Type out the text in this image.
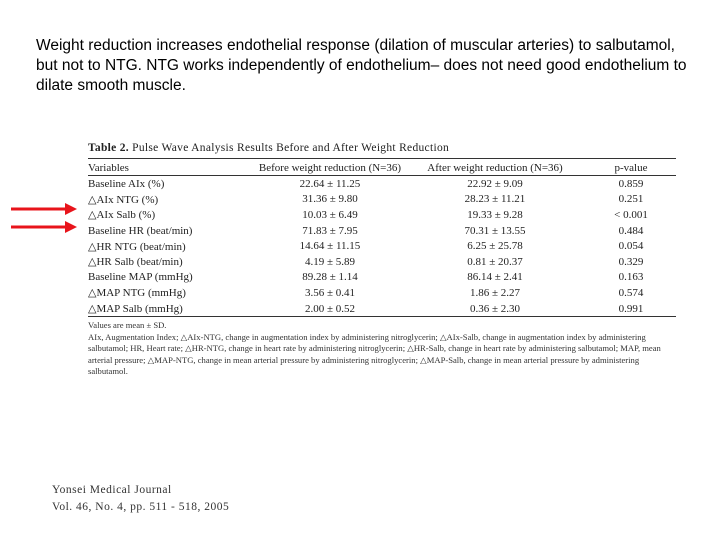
Weight reduction increases endothelial response (dilation of muscular arteries) to salbutamol, but not to NTG. NTG works independently of endothelium– does not need good endothelium to dilate smooth muscle.
Table 2. Pulse Wave Analysis Results Before and After Weight Reduction
Variables	Before weight reduction (N=36)	After weight reduction (N=36)	p-value
Baseline AIx (%)	22.64 ± 11.25	22.92 ± 9.09	0.859
△AIx NTG (%)	31.36 ± 9.80	28.23 ± 11.21	0.251
△AIx Salb (%)	10.03 ± 6.49	19.33 ± 9.28	< 0.001
Baseline HR (beat/min)	71.83 ± 7.95	70.31 ± 13.55	0.484
△HR NTG (beat/min)	14.64 ± 11.15	6.25 ± 25.78	0.054
△HR Salb (beat/min)	4.19 ± 5.89	0.81 ± 20.37	0.329
Baseline MAP (mmHg)	89.28 ± 1.14	86.14 ± 2.41	0.163
△MAP NTG (mmHg)	3.56 ± 0.41	1.86 ± 2.27	0.574
△MAP Salb (mmHg)	2.00 ± 0.52	0.36 ± 2.30	0.991
Values are mean ± SD.
AIx, Augmentation Index; △AIx-NTG, change in augmentation index by administering nitroglycerin; △AIx-Salb, change in augmentation index by administering salbutamol; HR, Heart rate; △HR-NTG, change in heart rate by administering nitroglycerin; △HR-Salb, change in heart rate by administering salbutamol; MAP, mean arterial pressure; △MAP-NTG, change in mean arterial pressure by administering nitroglycerin; △MAP-Salb, change in mean arterial pressure by administering salbutamol.
Yonsei Medical Journal
Vol. 46, No. 4, pp. 511 - 518, 2005
